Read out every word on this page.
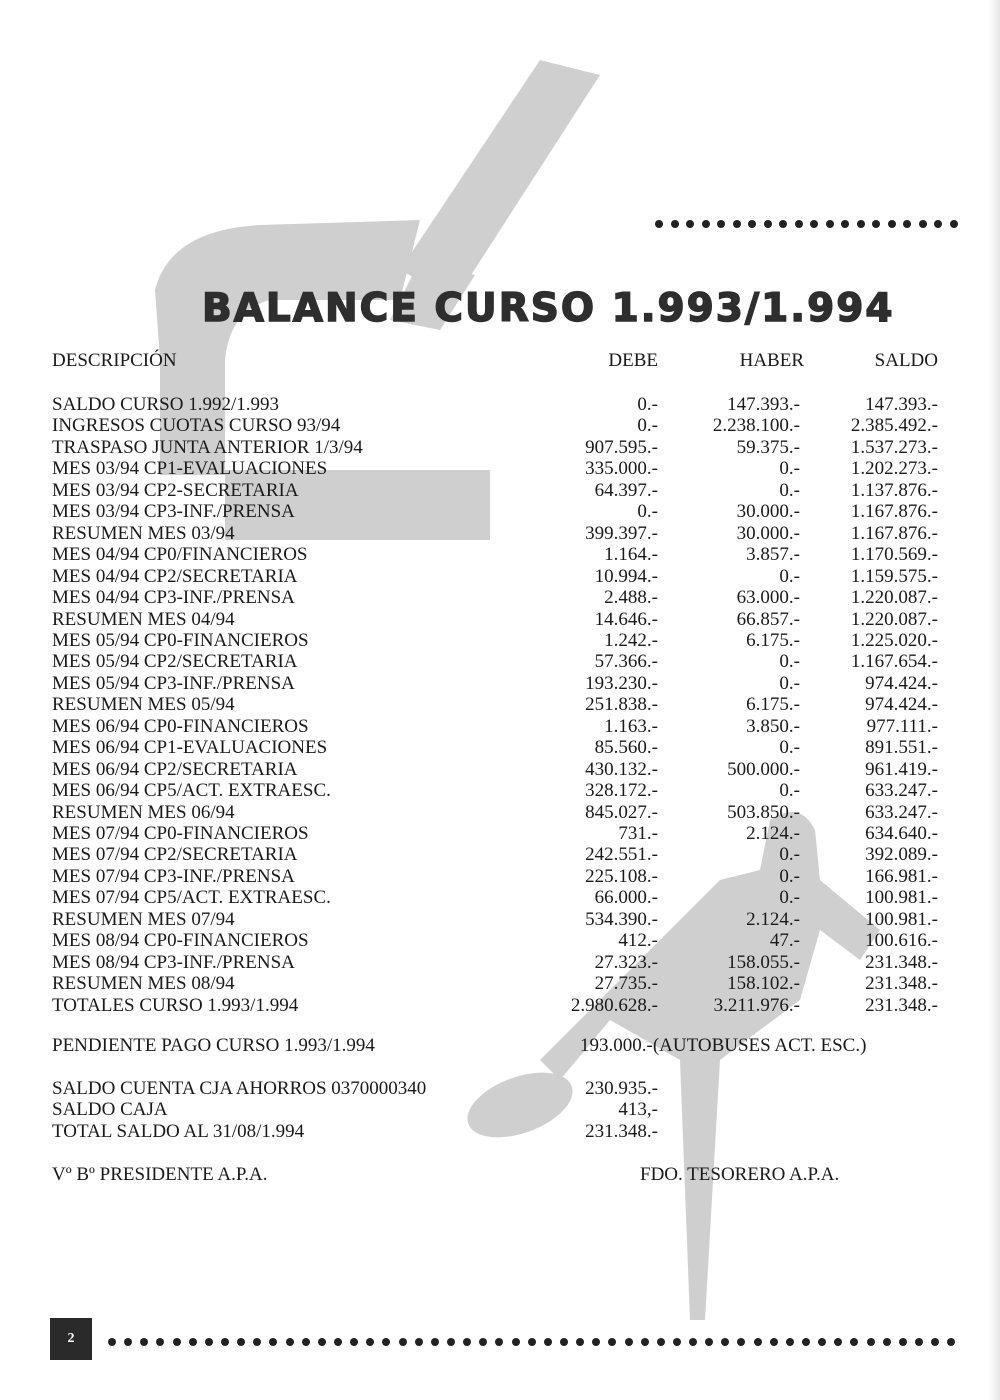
BALANCE CURSO 1.993/1.994
DESCRIPCIÓN	DEBE	HABER	SALDO
SALDO CURSO 1.992/1.993	0.-	147.393.-	147.393.-
INGRESOS CUOTAS CURSO 93/94	0.-	2.238.100.-	2.385.492.-
TRASPASO JUNTA ANTERIOR 1/3/94	907.595.-	59.375.-	1.537.273.-
MES 03/94 CP1-EVALUACIONES	335.000.-	0.-	1.202.273.-
MES 03/94 CP2-SECRETARIA	64.397.-	0.-	1.137.876.-
MES 03/94 CP3-INF./PRENSA	0.-	30.000.-	1.167.876.-
RESUMEN MES 03/94	399.397.-	30.000.-	1.167.876.-
MES 04/94 CP0/FINANCIEROS	1.164.-	3.857.-	1.170.569.-
MES 04/94 CP2/SECRETARIA	10.994.-	0.-	1.159.575.-
MES 04/94 CP3-INF./PRENSA	2.488.-	63.000.-	1.220.087.-
RESUMEN MES 04/94	14.646.-	66.857.-	1.220.087.-
MES 05/94 CP0-FINANCIEROS	1.242.-	6.175.-	1.225.020.-
MES 05/94 CP2/SECRETARIA	57.366.-	0.-	1.167.654.-
MES 05/94 CP3-INF./PRENSA	193.230.-	0.-	974.424.-
RESUMEN MES 05/94	251.838.-	6.175.-	974.424.-
MES 06/94 CP0-FINANCIEROS	1.163.-	3.850.-	977.111.-
MES 06/94 CP1-EVALUACIONES	85.560.-	0.-	891.551.-
MES 06/94 CP2/SECRETARIA	430.132.-	500.000.-	961.419.-
MES 06/94 CP5/ACT. EXTRAESC.	328.172.-	0.-	633.247.-
RESUMEN MES 06/94	845.027.-	503.850.-	633.247.-
MES 07/94 CP0-FINANCIEROS	731.-	2.124.-	634.640.-
MES 07/94 CP2/SECRETARIA	242.551.-	0.-	392.089.-
MES 07/94 CP3-INF./PRENSA	225.108.-	0.-	166.981.-
MES 07/94 CP5/ACT. EXTRAESC.	66.000.-	0.-	100.981.-
RESUMEN MES 07/94	534.390.-	2.124.-	100.981.-
MES 08/94 CP0-FINANCIEROS	412.-	47.-	100.616.-
MES 08/94 CP3-INF./PRENSA	27.323.-	158.055.-	231.348.-
RESUMEN MES 08/94	27.735.-	158.102.-	231.348.-
TOTALES CURSO 1.993/1.994	2.980.628.-	3.211.976.-	231.348.-
PENDIENTE PAGO CURSO 1.993/1.994	193.000.-(AUTOBUSES ACT. ESC.)
SALDO CUENTA CJA AHORROS 0370000340	230.935.-
SALDO CAJA	413,-
TOTAL SALDO AL 31/08/1.994	231.348.-
Vº Bº PRESIDENTE A.P.A.	FDO. TESORERO A.P.A.
2
